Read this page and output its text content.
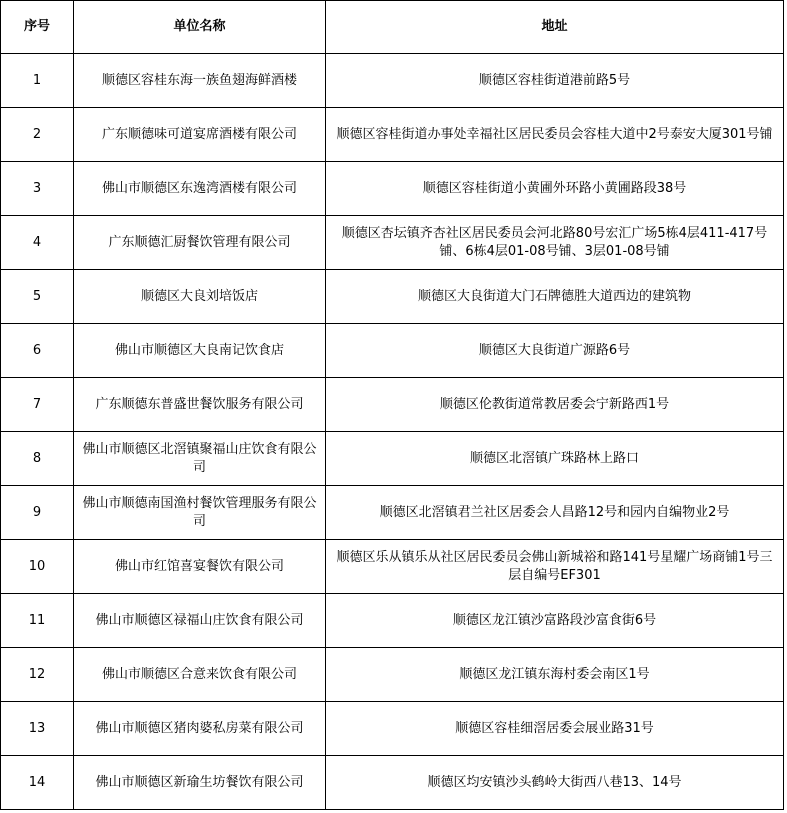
序号	单位名称	地址
1	顺德区容桂东海一族鱼翅海鲜酒楼	顺德区容桂街道港前路5号
2	广东顺德味可道宴席酒楼有限公司	顺德区容桂街道办事处幸福社区居民委员会容桂大道中2号泰安大厦301号铺
3	佛山市顺德区东逸湾酒楼有限公司	顺德区容桂街道小黄圃外环路小黄圃路段38号
4	广东顺德汇厨餐饮管理有限公司	顺德区杏坛镇齐杏社区居民委员会河北路80号宏汇广场5栋4层411-417号铺、6栋4层01-08号铺、3层01-08号铺
5	顺德区大良刘培饭店	顺德区大良街道大门石牌德胜大道西边的建筑物
6	佛山市顺德区大良南记饮食店	顺德区大良街道广源路6号
7	广东顺德东普盛世餐饮服务有限公司	顺德区伦教街道常教居委会宁新路西1号
8	佛山市顺德区北滘镇聚福山庄饮食有限公司	顺德区北滘镇广珠路林上路口
9	佛山市顺德南国渔村餐饮管理服务有限公司	顺德区北滘镇君兰社区居委会人昌路12号和园内自编物业2号
10	佛山市红馆喜宴餐饮有限公司	顺德区乐从镇乐从社区居民委员会佛山新城裕和路141号星耀广场商铺1号三层自编号EF301
11	佛山市顺德区禄福山庄饮食有限公司	顺德区龙江镇沙富路段沙富食街6号
12	佛山市顺德区合意来饮食有限公司	顺德区龙江镇东海村委会南区1号
13	佛山市顺德区猪肉婆私房菜有限公司	顺德区容桂细滘居委会展业路31号
14	佛山市顺德区新瑜生坊餐饮有限公司	顺德区均安镇沙头鹤岭大街西八巷13、14号
